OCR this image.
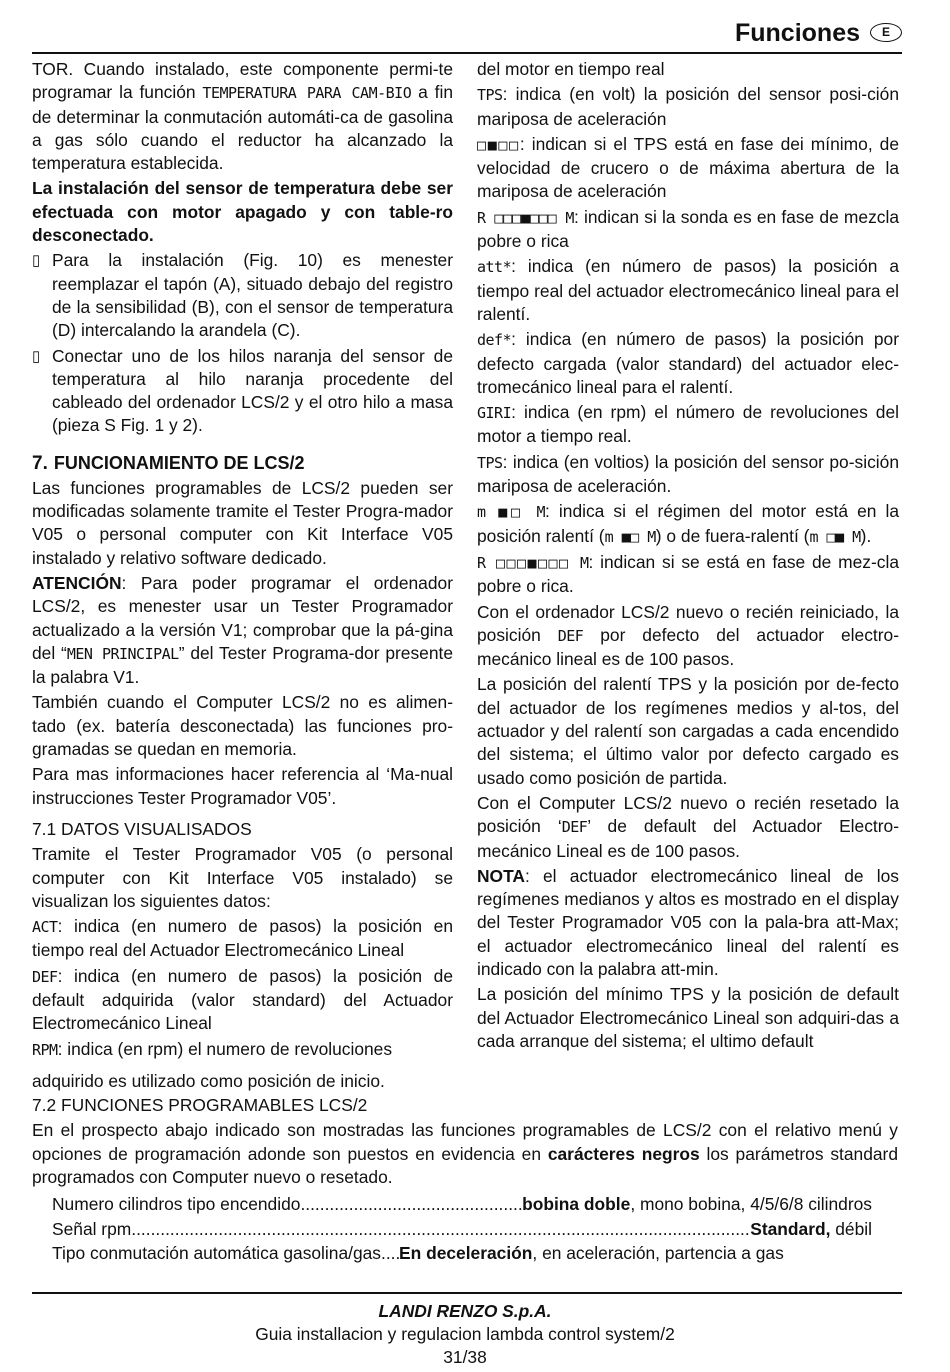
Funciones	E

TOR. Cuando instalado, este componente permi-te programar la función TEMPERATURA PARA CAM-BIO a fin de determinar la conmutación automáti-ca de gasolina a gas sólo cuando el reductor ha alcanzado la temperatura establecida.

La instalación del sensor de temperatura debe ser efectuada con motor apagado y con table-ro desconectado.

▯ Para la instalación (Fig. 10) es menester reemplazar el tapón (A), situado debajo del registro de la sensibilidad (B), con el sensor de temperatura (D) intercalando la arandela (C).
▯ Conectar uno de los hilos naranja del sensor de temperatura al hilo naranja procedente del cableado del ordenador LCS/2 y el otro hilo a masa (pieza S Fig. 1 y 2).
7. FUNCIONAMIENTO DE LCS/2

Las funciones programables de LCS/2 pueden ser modificadas solamente tramite el Tester Progra-mador V05 o personal computer con Kit Interface V05 instalado y relativo software dedicado.

ATENCIÓN: Para poder programar el ordenador LCS/2, es menester usar un Tester Programador actualizado a la versión V1; comprobar que la pá-gina del “MEN PRINCIPAL” del Tester Programa-dor presente la palabra V1.

También cuando el Computer LCS/2 no es alimen-tado (ex. batería desconectada) las funciones pro-gramadas se quedan en memoria.

Para mas informaciones hacer referencia al ‘Ma-nual instrucciones Tester Programador V05’.

7.1 DATOS VISUALISADOS

Tramite el Tester Programador V05 (o personal computer con Kit Interface V05 instalado) se visualizan los siguientes datos:

ACT: indica (en numero de pasos) la posición en tiempo real del Actuador Electromecánico Lineal

DEF: indica (en numero de pasos) la posición de default adquirida (valor standard) del Actuador Electromecánico Lineal

RPM: indica (en rpm) el numero de revoluciones

adquirido es utilizado como posición de inicio.

del motor en tiempo real

TPS: indica (en volt) la posición del sensor posi-ción mariposa de aceleración

□■□□: indican si el TPS está en fase dei mínimo, de velocidad de crucero o de máxima abertura de la mariposa de aceleración

R □□□■□□□ M: indican si la sonda es en fase de mezcla pobre o rica

att*: indica (en número de pasos) la posición a tiempo real del actuador electromecánico lineal para el ralentí.

def*: indica (en número de pasos) la posición por defecto cargada (valor standard) del actuador elec-tromecánico lineal para el ralentí.

GIRI: indica (en rpm) el número de revoluciones del motor a tiempo real.

TPS: indica (en voltios) la posición del sensor po-sición mariposa de aceleración.

m ■□ M: indica si el régimen del motor está en la posición ralentí (m ■□ M) o de fuera-ralentí (m □■ M).

R □□□■□□□ M: indican si se está en fase de mez-cla pobre o rica.

Con el ordenador LCS/2 nuevo o recién reiniciado, la posición DEF por defecto del actuador electro-mecánico lineal es de 100 pasos.

La posición del ralentí TPS y la posición por de-fecto del actuador de los regímenes medios y al-tos, del actuador y del ralentí son cargadas a cada encendido del sistema; el último valor por defecto cargado es usado como posición de partida.

Con el Computer LCS/2 nuevo o recién resetado la posición ‘DEF’ de default del Actuador Electro-mecánico Lineal es de 100 pasos.

NOTA: el actuador electromecánico lineal de los regímenes medianos y altos es mostrado en el display del Tester Programador V05 con la pala-bra att-Max; el actuador electromecánico lineal del ralentí es indicado con la palabra att-min.

La posición del mínimo TPS y la posición de default del Actuador Electromecánico Lineal son adquiri-das a cada arranque del sistema; el ultimo default

7.2 FUNCIONES PROGRAMABLES LCS/2

En el prospecto abajo indicado son mostradas las funciones programables de LCS/2 con el relativo menú y opciones de programación adonde son puestos en evidencia en carácteres negros los parámetros standard programados con Computer nuevo o resetado.

Numero cilindros tipo encendido .....	bobina doble, mono bobina, 4/5/6/8 cilindros
Señal rpm .....	Standard, débil
Tipo conmutación automática gasolina/gas ..... En deceleración, en aceleración, partencia a gas
LANDI RENZO S.p.A.
Guia installacion y regulacion lambda control system/2
31/38
